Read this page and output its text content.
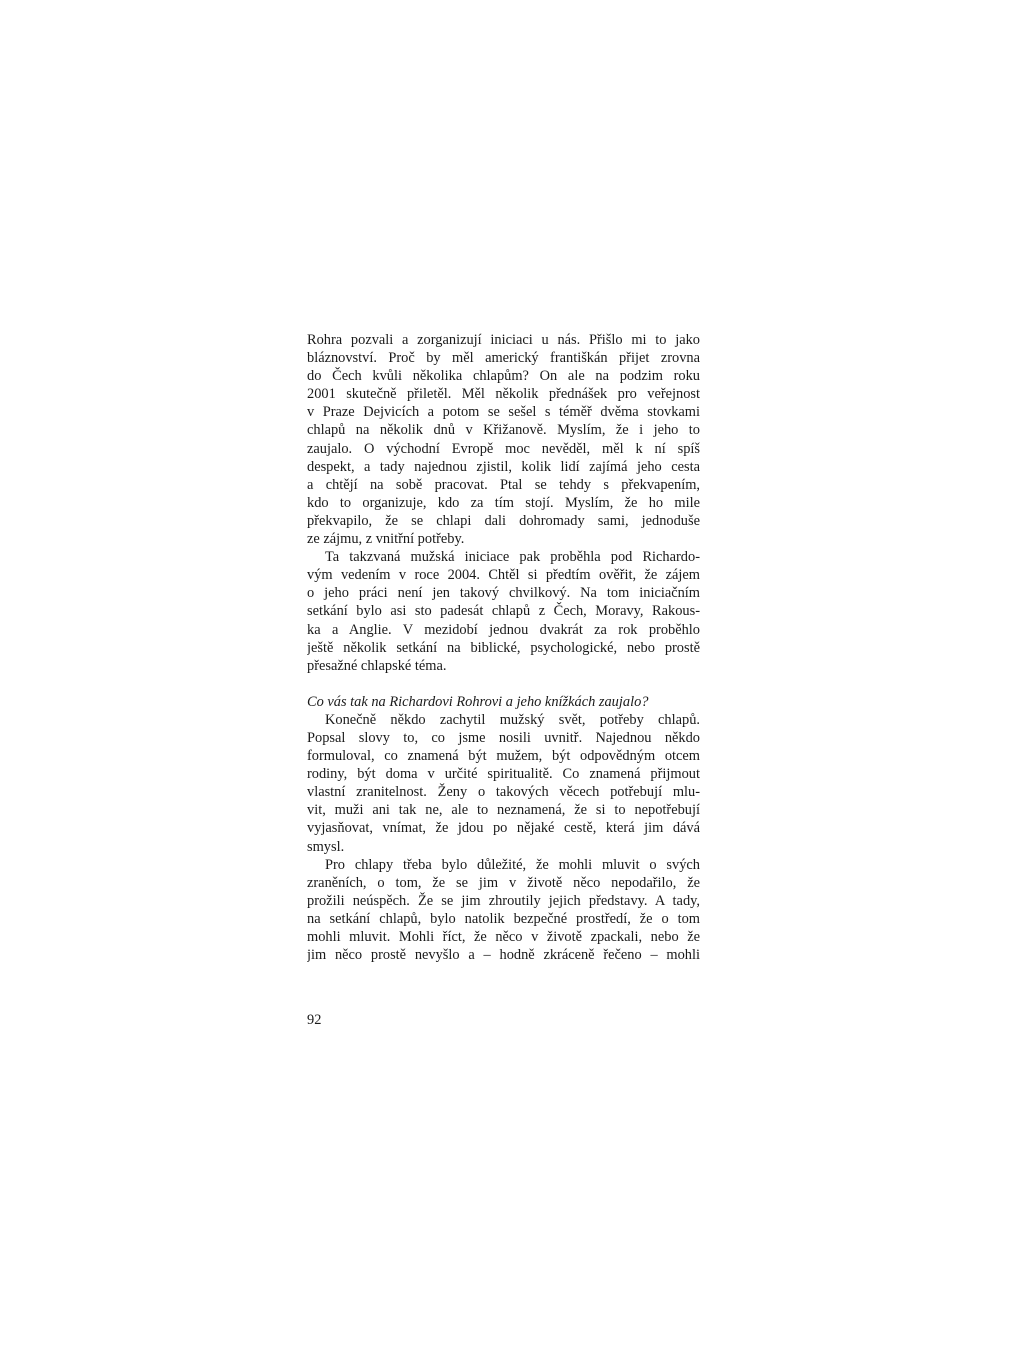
Rohra pozvali a zorganizují iniciaci u nás. Přišlo mi to jako
bláznovství. Proč by měl americký františkán přijet zrovna
do Čech kvůli několika chlapům? On ale na podzim roku
2001 skutečně přiletěl. Měl několik přednášek pro veřejnost
v Praze Dejvicích a potom se sešel s téměř dvěma stovkami
chlapů na několik dnů v Křižanově. Myslím, že i jeho to
zaujalo. O východní Evropě moc nevěděl, měl k ní spíš
despekt, a tady najednou zjistil, kolik lidí zajímá jeho cesta
a chtějí na sobě pracovat. Ptal se tehdy s překvapením,
kdo to organizuje, kdo za tím stojí. Myslím, že ho mile
překvapilo, že se chlapi dali dohromady sami, jednoduše
ze zájmu, z vnitřní potřeby.
Ta takzvaná mužská iniciace pak proběhla pod Richardo-
vým vedením v roce 2004. Chtěl si předtím ověřit, že zájem
o jeho práci není jen takový chvilkový. Na tom iniciačním
setkání bylo asi sto padesát chlapů z Čech, Moravy, Rakous-
ka a Anglie. V mezidobí jednou dvakrát za rok proběhlo
ještě několik setkání na biblické, psychologické, nebo prostě
přesažné chlapské téma.
Co vás tak na Richardovi Rohrovi a jeho knížkách zaujalo?
Konečně někdo zachytil mužský svět, potřeby chlapů.
Popsal slovy to, co jsme nosili uvnitř. Najednou někdo
formuloval, co znamená být mužem, být odpovědným otcem
rodiny, být doma v určité spiritualitě. Co znamená přijmout
vlastní zranitelnost. Ženy o takových věcech potřebují mlu-
vit, muži ani tak ne, ale to neznamená, že si to nepotřebují
vyjasňovat, vnímat, že jdou po nějaké cestě, která jim dává
smysl.
Pro chlapy třeba bylo důležité, že mohli mluvit o svých
zraněních, o tom, že se jim v životě něco nepodařilo, že
prožili neúspěch. Že se jim zhroutily jejich představy. A tady,
na setkání chlapů, bylo natolik bezpečné prostředí, že o tom
mohli mluvit. Mohli říct, že něco v životě zpackali, nebo že
jim něco prostě nevyšlo a – hodně zkráceně řečeno – mohli
92
